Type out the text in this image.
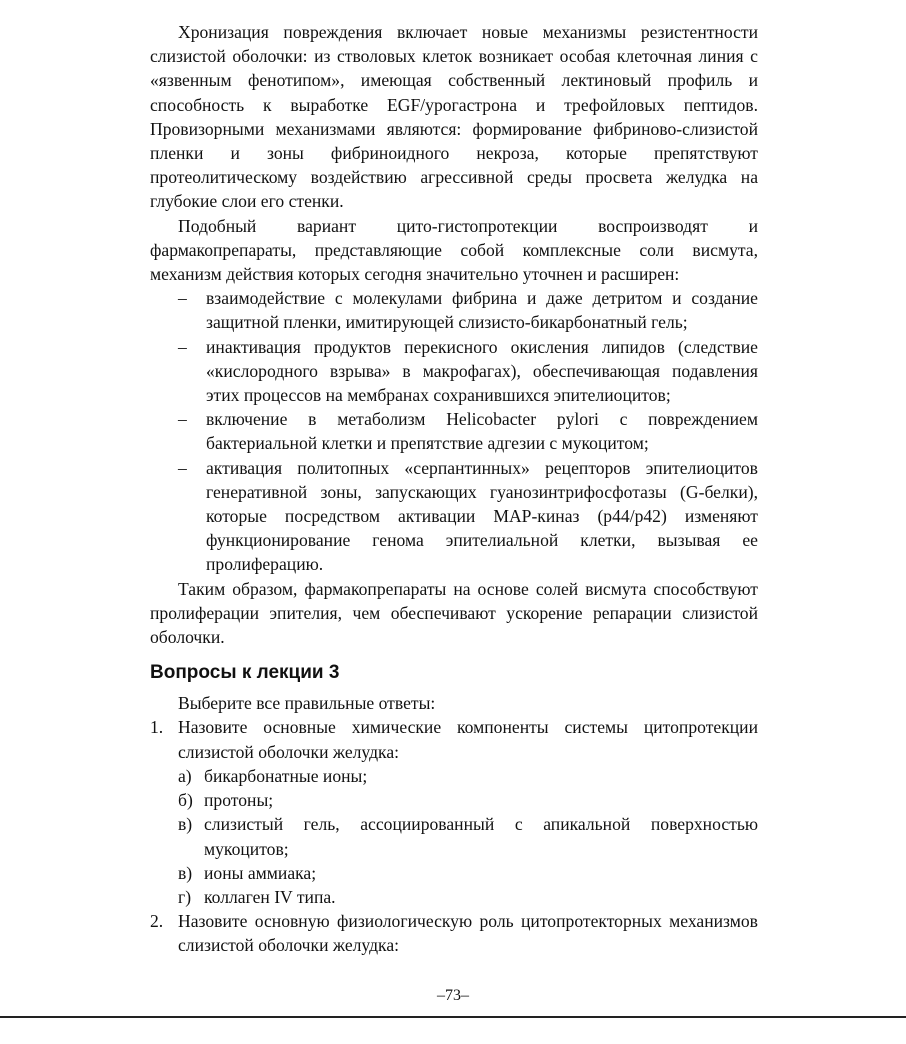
Хронизация повреждения включает новые механизмы резистентности слизистой оболочки: из стволовых клеток возникает особая клеточная линия с «язвенным фенотипом», имеющая собственный лектиновый профиль и способность к выработке EGF/урогастрона и трефойловых пептидов. Провизорными механизмами являются: формирование фибриново-слизистой пленки и зоны фибриноидного некроза, которые препятствуют протеолитическому воздействию агрессивной среды просвета желудка на глубокие слои его стенки.

Подобный вариант цито-гистопротекции воспроизводят и фармакопрепараты, представляющие собой комплексные соли висмута, механизм действия которых сегодня значительно уточнен и расширен:

–	взаимодействие с молекулами фибрина и даже детритом и создание защитной пленки, имитирующей слизисто-бикарбонатный гель;
–	инактивация продуктов перекисного окисления липидов (следствие «кислородного взрыва» в макрофагах), обеспечивающая подавления этих процессов на мембранах сохранившихся эпителиоцитов;
–	включение в метаболизм Helicobacter pylori с повреждением бактериальной клетки и препятствие адгезии с мукоцитом;
–	активация политопных «серпантинных» рецепторов эпителиоцитов генеративной зоны, запускающих гуанозинтрифосфотазы (G-белки), которые посредством активации MAP-киназ (p44/p42) изменяют функционирование генома эпителиальной клетки, вызывая ее пролиферацию.

Таким образом, фармакопрепараты на основе солей висмута способствуют пролиферации эпителия, чем обеспечивают ускорение репарации слизистой оболочки.

Вопросы к лекции 3

Выберите все правильные ответы:

1. Назовите основные химические компоненты системы цитопротекции слизистой оболочки желудка:

а) бикарбонатные ионы;
б) протоны;
в) слизистый гель, ассоциированный с апикальной поверхностью мукоцитов;
в) ионы аммиака;
г) коллаген IV типа.
2. Назовите основную физиологическую роль цитопротекторных механизмов слизистой оболочки желудка:

–73–
